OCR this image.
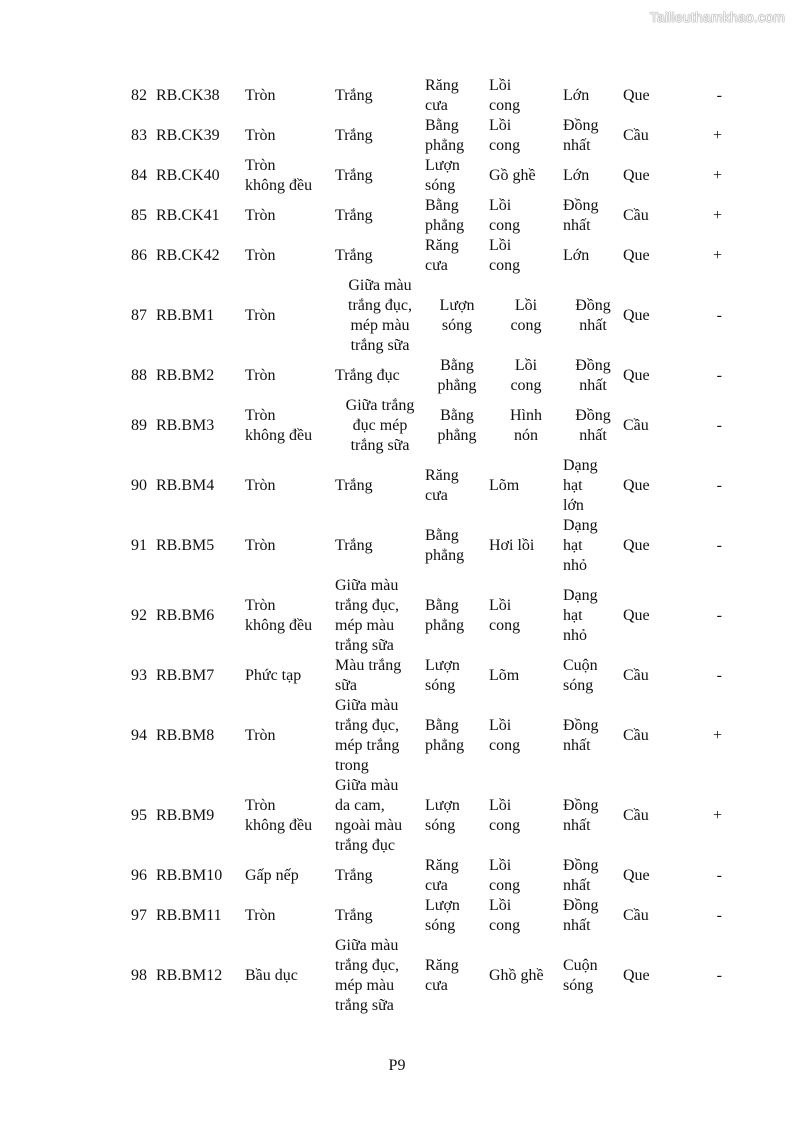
Tailieuthamkhao.com
82	RB.CK38	Tròn	Trắng	Răng
cưa	Lồi
cong	Lớn	Que	-
83	RB.CK39	Tròn	Trắng	Bằng
phẳng	Lồi
cong	Đồng
nhất	Cầu	+
84	RB.CK40	Tròn
không đều	Trắng	Lượn
sóng	Gồ ghề	Lớn	Que	+
85	RB.CK41	Tròn	Trắng	Bằng
phẳng	Lồi
cong	Đồng
nhất	Cầu	+
86	RB.CK42	Tròn	Trắng	Răng
cưa	Lồi
cong	Lớn	Que	+
87	RB.BM1	Tròn	Giữa màu
trắng đục,
mép màu
trắng sữa	Lượn
sóng	Lồi
cong	Đồng
nhất	Que	-
88	RB.BM2	Tròn	Trắng đục	Bằng
phẳng	Lồi
cong	Đồng
nhất	Que	-
89	RB.BM3	Tròn
không đều	Giữa trắng
đục mép
trắng sữa	Bằng
phẳng	Hình
nón	Đồng
nhất	Cầu	-
90	RB.BM4	Tròn	Trắng	Răng
cưa	Lõm	Dạng
hạt
lớn	Que	-
91	RB.BM5	Tròn	Trắng	Bằng
phẳng	Hơi lồi	Dạng
hạt
nhỏ	Que	-
92	RB.BM6	Tròn
không đều	Giữa màu
trắng đục,
mép màu
trắng sữa	Bằng
phẳng	Lồi
cong	Dạng
hạt
nhỏ	Que	-
93	RB.BM7	Phức tạp	Màu trắng
sữa	Lượn
sóng	Lõm	Cuộn
sóng	Cầu	-
94	RB.BM8	Tròn	Giữa màu
trắng đục,
mép trắng
trong	Bằng
phẳng	Lồi
cong	Đồng
nhất	Cầu	+
95	RB.BM9	Tròn
không đều	Giữa màu
da cam,
ngoài màu
trắng đục	Lượn
sóng	Lồi
cong	Đồng
nhất	Cầu	+
96	RB.BM10	Gấp nếp	Trắng	Răng
cưa	Lồi
cong	Đồng
nhất	Que	-
97	RB.BM11	Tròn	Trắng	Lượn
sóng	Lồi
cong	Đồng
nhất	Cầu	-
98	RB.BM12	Bầu dục	Giữa màu
trắng đục,
mép màu
trắng sữa	Răng
cưa	Ghồ ghề	Cuộn
sóng	Que	-
P9
